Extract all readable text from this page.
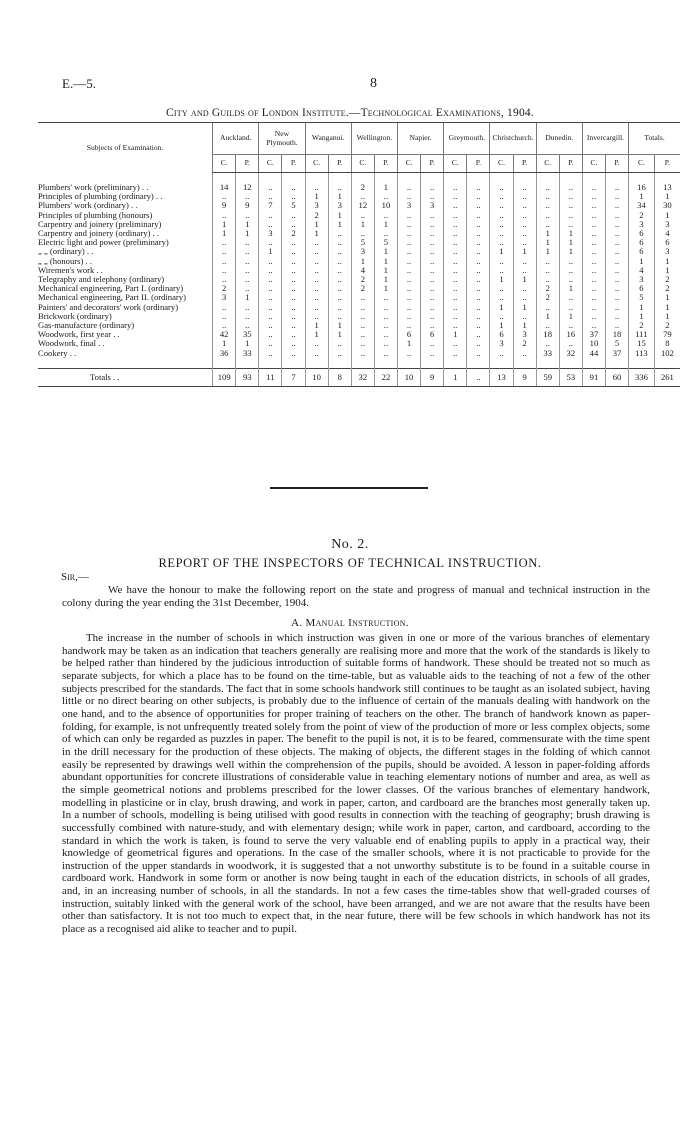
E.—5.	8
City and Guilds of London Institute.—Technological Examinations, 1904.
Subjects of Examination.	Auckland.		New Plymouth.		Wanganui.		Wellington.		Napier.		Greymouth.		Christchurch.		Dunedin.		Invercargill.		Totals.	
	C.	P.	C.	P.	C.	P.	C.	P.	C.	P.	C.	P.	C.	P.	C.	P.	C.	P.	C.	P.

Plumbers' work (preliminary) . .	14	12	..	..	..	..	2	1	..	..	..	..	..	..	..	..	..	..	16	13
Principles of plumbing (ordinary) . .	..	..	..	..	1	1	..	..	..	..	..	..	..	..	..	..	..	..	1	1
Plumbers' work (ordinary) . .	9	9	7	5	3	3	12	10	3	3	..	..	..	..	..	..	..	..	34	30
Principles of plumbing (honours)	..	..	..	..	2	1	..	..	..	..	..	..	..	..	..	..	..	..	2	1
Carpentry and joinery (preliminary)	1	1	..	..	1	1	1	1	..	..	..	..	..	..	..	..	..	..	3	3
Carpentry and joinery (ordinary) . .	1	1	3	2	1	..	..	..	..	..	..	..	..	..	1	1	..	..	6	4
Electric light and power (preliminary)	..	..	..	..	..	..	5	5	..	..	..	..	..	..	1	1	..	..	6	6
„ „ (ordinary) . .	..	..	1	..	..	..	3	1	..	..	..	..	1	1	1	1	..	..	6	3
„ „ (honours) . .	..	..	..	..	..	..	1	1	..	..	..	..	..	..	..	..	..	..	1	1
Wiremen's work . .	..	..	..	..	..	..	4	1	..	..	..	..	..	..	..	..	..	..	4	1
Telegraphy and telephony (ordinary)	..	..	..	..	..	..	2	1	..	..	..	..	1	1	..	..	..	..	3	2
Mechanical engineering, Part I. (ordinary)	2	..	..	..	..	..	2	1	..	..	..	..	..	..	2	1	..	..	6	2
Mechanical engineering, Part II. (ordinary)	3	1	..	..	..	..	..	..	..	..	..	..	..	..	2	..	..	..	5	1
Painters' and decorators' work (ordinary)	..	..	..	..	..	..	..	..	..	..	..	..	1	1	..	..	..	..	1	1
Brickwork (ordinary)	..	..	..	..	..	..	..	..	..	..	..	..	..	..	1	1	..	..	1	1
Gas-manufacture (ordinary)	..	..	..	..	1	1	..	..	..	..	..	..	1	1	..	..	..	..	2	2
Woodwork, first year . .	42	35	..	..	1	1	..	..	6	6	1	..	6	3	18	16	37	18	111	79
Woodwork, final . .	1	1	..	..	..	..	..	..	1	..	..	..	3	2	..	..	10	5	15	8
Cookery . .	36	33	..	..	..	..	..	..	..	..	..	..	..	..	33	32	44	37	113	102

Totals . .	109	93	11	7	10	8	32	22	10	9	1	..	13	9	59	53	91	60	336	261
No. 2.
REPORT OF THE INSPECTORS OF TECHNICAL INSTRUCTION.
Sir,—

We have the honour to make the following report on the state and progress of manual and technical instruction in the colony during the year ending the 31st December, 1904.

A. Manual Instruction.

The increase in the number of schools in which instruction was given in one or more of the various branches of elementary handwork may be taken as an indication that teachers generally are realising more and more that the work of the standards is likely to be helped rather than hindered by the judicious introduction of suitable forms of handwork. These should be treated not so much as separate subjects, for which a place has to be found on the time-table, but as valuable aids to the teaching of not a few of the other subjects prescribed for the standards. The fact that in some schools handwork still continues to be taught as an isolated subject, having little or no direct bearing on other subjects, is probably due to the influence of certain of the manuals dealing with handwork on the one hand, and to the absence of opportunities for proper training of teachers on the other. The branch of handwork known as paper-folding, for example, is not unfrequently treated solely from the point of view of the production of more or less complex objects, some of which can only be regarded as puzzles in paper. The benefit to the pupil is not, it is to be feared, commensurate with the time spent in the drill necessary for the production of these objects. The making of objects, the different stages in the folding of which cannot easily be represented by drawings well within the comprehension of the pupils, should be avoided. A lesson in paper-folding affords abundant opportunities for concrete illustrations of considerable value in teaching elementary notions of number and area, as well as the simple geometrical notions and problems prescribed for the lower classes. Of the various branches of elementary handwork, modelling in plasticine or in clay, brush drawing, and work in paper, carton, and cardboard are the branches most generally taken up. In a number of schools, modelling is being utilised with good results in connection with the teaching of geography; brush drawing is successfully combined with nature-study, and with elementary design; while work in paper, carton, and cardboard, according to the standard in which the work is taken, is found to serve the very valuable end of enabling pupils to apply in a practical way, their knowledge of geometrical figures and operations. In the case of the smaller schools, where it is not practicable to provide for the instruction of the upper standards in woodwork, it is suggested that a not unworthy substitute is to be found in a suitable course in cardboard work. Handwork in some form or another is now being taught in each of the education districts, in schools of all grades, and, in an increasing number of schools, in all the standards. In not a few cases the time-tables show that well-graded courses of instruction, suitably linked with the general work of the school, have been arranged, and we are not aware that the results have been other than satisfactory. It is not too much to expect that, in the near future, there will be few schools in which handwork has not its place as a recognised aid alike to teacher and to pupil.
